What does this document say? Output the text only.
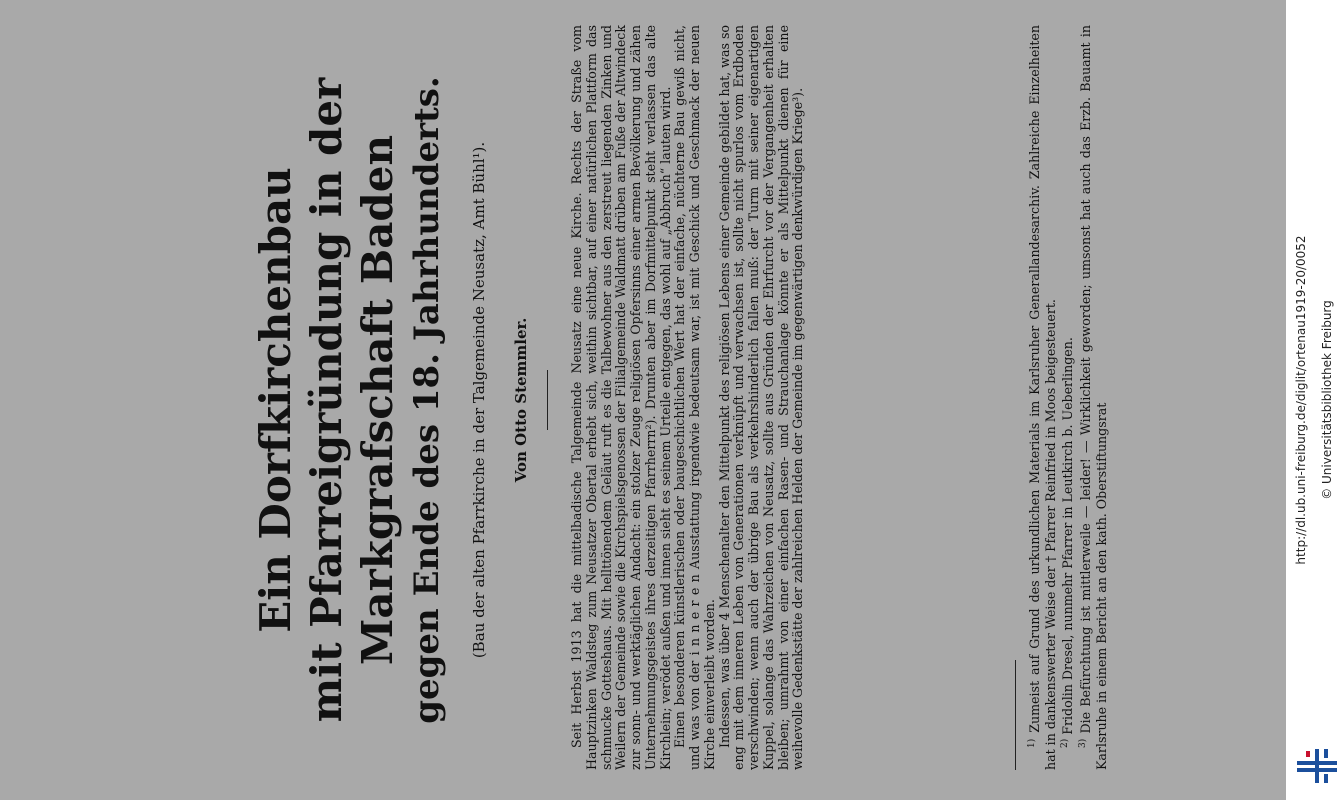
Ein Dorfkirchenbau mit Pfarreigründung in der Markgrafschaft Baden gegen Ende des 18. Jahrhunderts. (Bau der alten Pfarrkirche in der Talgemeinde Neusatz, Amt Bühl¹). Von Otto Stemmler.	Seit Herbst 1913 hat die mittelbadische Talgemeinde Neusatz eine neue Kirche. Rechts der Straße vom Hauptzinken Waldsteg zum Neusatzer Obertal erhebt sich, weithin sichtbar, auf einer natürlichen Plattform das schmucke Gotteshaus. Mit hellttönendem Geläut ruft es die Talbewohner aus den zerstreut liegenden Zinken und Weilern der Gemeinde sowie die Kirchspielsgenossen der Filialgemeinde Waldmatt drüben am Fuße der Altwindeck zur sonn- und werktäglichen Andacht: ein stolzer Zeuge religiösen Opfersinns einer armen Bevölkerung und zähen Unternehmungsgeistes ihres derzeitigen Pfarrherrn²). Drunten aber im Dorfmittelpunkt steht verlassen das alte Kirchlein; verödet außen und innen sieht es seinem Urteile entgegen, das wohl auf „Abbruch“ lauten wird. Einen besonderen künstlerischen oder baugeschichtlichen Wert hat der einfache, nüchterne Bau gewiß nicht, und was von der i n n e r e n Ausstattung irgendwie bedeutsam war, ist mit Geschick und Geschmack der neuen Kirche einverleibt worden. Indessen, was über 4 Menschenalter den Mittelpunkt des religiösen Lebens einer Gemeinde gebildet hat, was so eng mit dem inneren Leben von Generationen verknüpft und verwachsen ist, sollte nicht spurlos vom Erdboden verschwinden; wenn auch der übrige Bau als verkehrshinderlich fallen muß: der Turm mit seiner eigenartigen Kuppel, solange das Wahrzeichen von Neusatz, sollte aus Gründen der Ehrfurcht vor der Vergangenheit erhalten bleiben; umrahmt von einer einfachen Rasen- und Strauchanlage könnte er als Mittelpunkt dienen für eine weihevolle Gedenkstätte der zahlreichen Helden der Gemeinde im gegenwärtigen denkwürdigen Kriege³).	$^{1)}$ Zumeist auf Grund des urkundlichen Materials im Karlsruher Generallandesarchiv. Zahlreiche Einzelheiten hat in dankenswerter Weise der † Pfarrer Reinfried in Moos beigesteuert. $^{2)}$ Fridolin Dresel, nunmehr Pfarrer in Leutkirch b. Ueberlingen.

$^{3)}$ Die Befürchtung ist mittlerweile — leider! — Wirklichkeit geworden; umsonst hat auch das Erzb. Bauamt in Karlsruhe in einem Bericht an den kath. Oberstiftungsrat

http://dl.ub.uni-freiburg.de/diglit/ortenau1919-20/0052 © Universitätsbibliothek Freiburg
